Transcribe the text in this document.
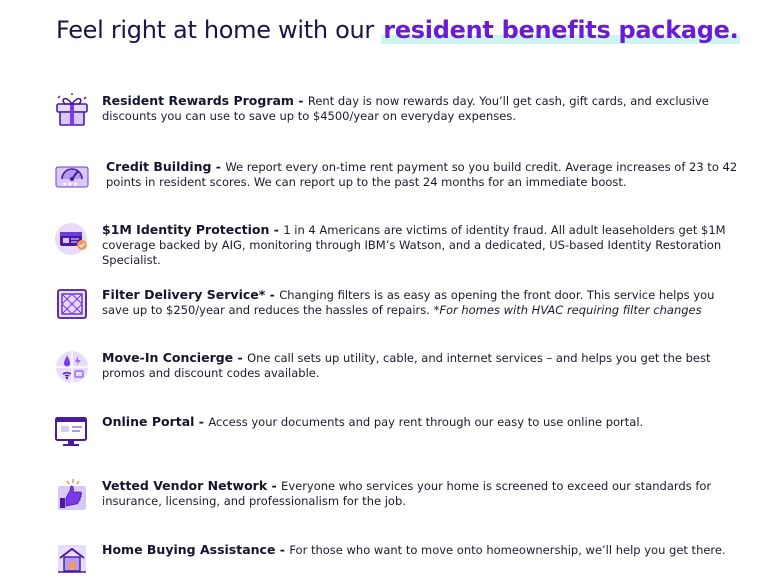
Feel right at home with our resident benefits package.
Resident Rewards Program - Rent day is now rewards day. You’ll get cash, gift cards, and exclusive discounts you can use to save up to $4500/year on everyday expenses.
★★★
Credit Building - We report every on-time rent payment so you build credit. Average increases of 23 to 42 points in resident scores. We can report up to the past 24 months for an immediate boost.
$1M Identity Protection - 1 in 4 Americans are victims of identity fraud. All adult leaseholders get $1M coverage backed by AIG, monitoring through IBM’s Watson, and a dedicated, US-based Identity Restoration Specialist.
Filter Delivery Service* - Changing filters is as easy as opening the front door. This service helps you save up to $250/year and reduces the hassles of repairs. *For homes with HVAC requiring filter changes
Move-In Concierge - One call sets up utility, cable, and internet services – and helps you get the best promos and discount codes available.
Online Portal - Access your documents and pay rent through our easy to use online portal.
Vetted Vendor Network - Everyone who services your home is screened to exceed our standards for insurance, licensing, and professionalism for the job.
Home Buying Assistance - For those who want to move onto homeownership, we’ll help you get there.
